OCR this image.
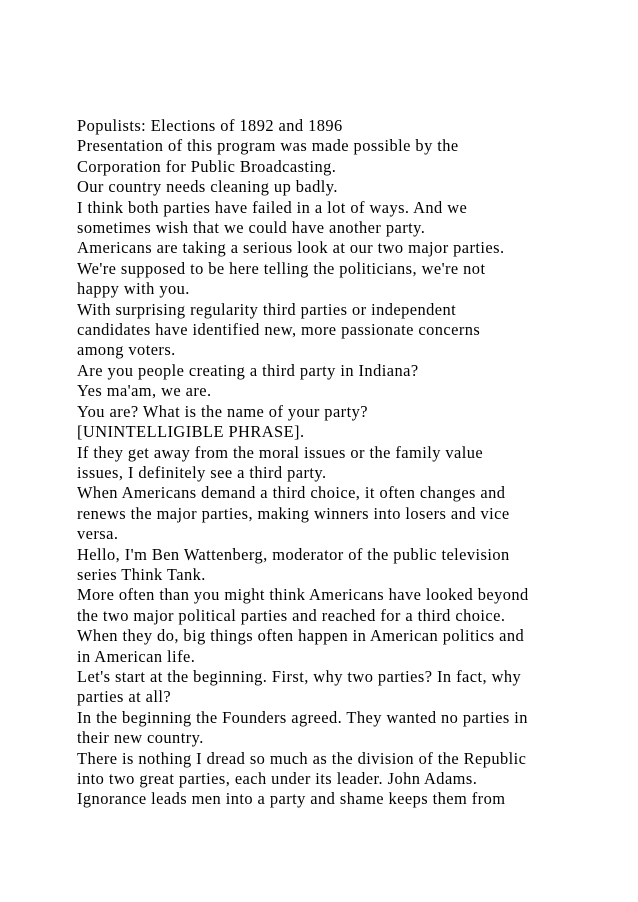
Populists: Elections of 1892 and 1896
Presentation of this program was made possible by the
Corporation for Public Broadcasting.
Our country needs cleaning up badly.
I think both parties have failed in a lot of ways. And we
sometimes wish that we could have another party.
Americans are taking a serious look at our two major parties.
We're supposed to be here telling the politicians, we're not
happy with you.
With surprising regularity third parties or independent
candidates have identified new, more passionate concerns
among voters.
Are you people creating a third party in Indiana?
Yes ma'am, we are.
You are? What is the name of your party?
[UNINTELLIGIBLE PHRASE].
If they get away from the moral issues or the family value
issues, I definitely see a third party.
When Americans demand a third choice, it often changes and
renews the major parties, making winners into losers and vice
versa.
Hello, I'm Ben Wattenberg, moderator of the public television
series Think Tank.
More often than you might think Americans have looked beyond
the two major political parties and reached for a third choice.
When they do, big things often happen in American politics and
in American life.
Let's start at the beginning. First, why two parties? In fact, why
parties at all?
In the beginning the Founders agreed. They wanted no parties in
their new country.
There is nothing I dread so much as the division of the Republic
into two great parties, each under its leader. John Adams.
Ignorance leads men into a party and shame keeps them from
